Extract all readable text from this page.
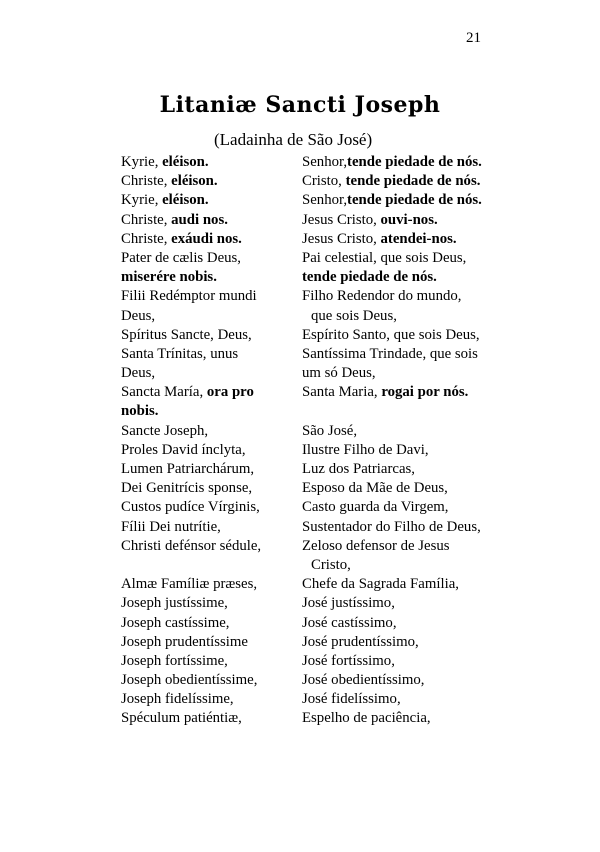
21
Litaniæ Sancti Joseph
(Ladainha de São José)
Kyrie, eléison.
Christe, eléison.
Kyrie, eléison.
Christe, audi nos.
Christe, exáudi nos.
Pater de cælis Deus,
miserére nobis.
Filii Redémptor mundi
Deus,
Spíritus Sancte, Deus,
Santa Trínitas, unus
Deus,
Sancta María, ora pro
nobis.
Sancte Joseph,
Proles David ínclyta,
Lumen Patriarchárum,
Dei Genitrícis sponse,
Custos pudíce Vírginis,
Fílii Dei nutrítie,
Christi defénsor sédule,
Almæ Famíliæ præses,
Joseph justíssime,
Joseph castíssime,
Joseph prudentíssime
Joseph fortíssime,
Joseph obedientíssime,
Joseph fidelíssime,
Spéculum patiéntiæ,
Senhor,tende piedade de nós.
Cristo, tende piedade de nós.
Senhor,tende piedade de nós.
Jesus Cristo, ouvi-nos.
Jesus Cristo, atendei-nos.
Pai celestial, que sois Deus,
tende piedade de nós.
Filho Redendor do mundo,
que sois Deus,
Espírito Santo, que sois Deus,
Santíssima Trindade, que sois
um só Deus,
Santa Maria, rogai por nós.
São José,
Ilustre Filho de Davi,
Luz dos Patriarcas,
Esposo da Mãe de Deus,
Casto guarda da Virgem,
Sustentador do Filho de Deus,
Zeloso defensor de Jesus
Cristo,
Chefe da Sagrada Família,
José justíssimo,
José castíssimo,
José prudentíssimo,
José fortíssimo,
José obedientíssimo,
José fidelíssimo,
Espelho de paciência,
